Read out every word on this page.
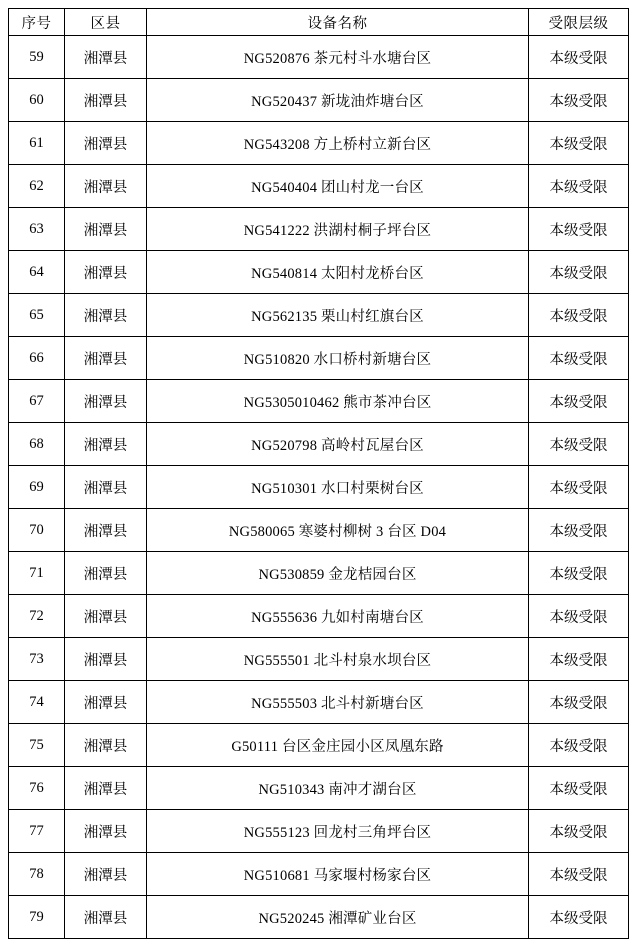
序号	区县	设备名称	受限层级
59	湘潭县	NG520876 茶元村斗水塘台区	本级受限
60	湘潭县	NG520437 新垅油炸塘台区	本级受限
61	湘潭县	NG543208 方上桥村立新台区	本级受限
62	湘潭县	NG540404 团山村龙一台区	本级受限
63	湘潭县	NG541222 洪湖村桐子坪台区	本级受限
64	湘潭县	NG540814 太阳村龙桥台区	本级受限
65	湘潭县	NG562135 栗山村红旗台区	本级受限
66	湘潭县	NG510820 水口桥村新塘台区	本级受限
67	湘潭县	NG5305010462 熊市茶冲台区	本级受限
68	湘潭县	NG520798 高岭村瓦屋台区	本级受限
69	湘潭县	NG510301 水口村栗树台区	本级受限
70	湘潭县	NG580065 寒婆村柳树 3 台区 D04	本级受限
71	湘潭县	NG530859 金龙桔园台区	本级受限
72	湘潭县	NG555636 九如村南塘台区	本级受限
73	湘潭县	NG555501 北斗村泉水坝台区	本级受限
74	湘潭县	NG555503 北斗村新塘台区	本级受限
75	湘潭县	G50111 台区金庄园小区凤凰东路	本级受限
76	湘潭县	NG510343 南冲才湖台区	本级受限
77	湘潭县	NG555123 回龙村三角坪台区	本级受限
78	湘潭县	NG510681 马家堰村杨家台区	本级受限
79	湘潭县	NG520245 湘潭矿业台区	本级受限
